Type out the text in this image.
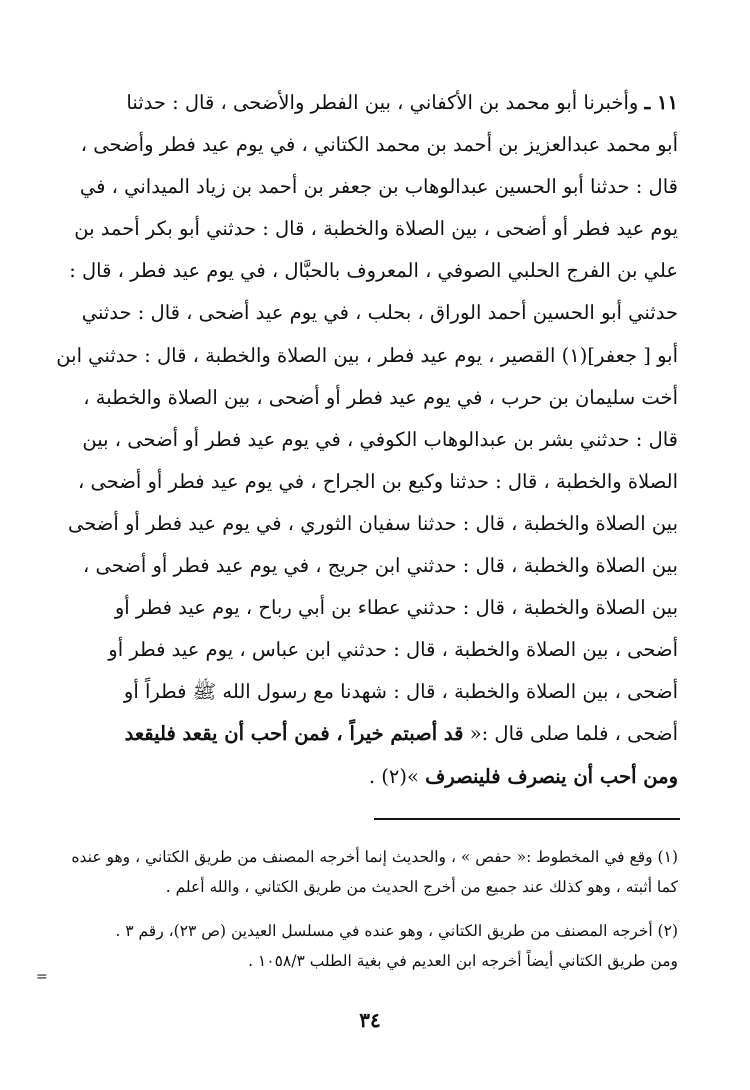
١١ ـ وأخبرنا أبو محمد بن الأكفاني ، بين الفطر والأضحى ، قال : حدثنا
أبو محمد عبدالعزيز بن أحمد بن محمد الكتاني ، في يوم عيد فطر وأضحى ،
قال : حدثنا أبو الحسين عبدالوهاب بن جعفر بن أحمد بن زياد الميداني ، في
يوم عيد فطر أو أضحى ، بين الصلاة والخطبة ، قال : حدثني أبو بكر أحمد بن
علي بن الفرج الحلبي الصوفي ، المعروف بالحبَّال ، في يوم عيد فطر ، قال :
حدثني أبو الحسين أحمد الوراق ، بحلب ، في يوم عيد أضحى ، قال : حدثني
أبو [ جعفر](١) القصير ، يوم عيد فطر ، بين الصلاة والخطبة ، قال : حدثني ابن
أخت سليمان بن حرب ، في يوم عيد فطر أو أضحى ، بين الصلاة والخطبة ،
قال : حدثني بشر بن عبدالوهاب الكوفي ، في يوم عيد فطر أو أضحى ، بين
الصلاة والخطبة ، قال : حدثنا وكيع بن الجراح ، في يوم عيد فطر أو أضحى ،
بين الصلاة والخطبة ، قال : حدثنا سفيان الثوري ، في يوم عيد فطر أو أضحى
بين الصلاة والخطبة ، قال : حدثني ابن جريج ، في يوم عيد فطر أو أضحى ،
بين الصلاة والخطبة ، قال : حدثني عطاء بن أبي رباح ، يوم عيد فطر أو
أضحى ، بين الصلاة والخطبة ، قال : حدثني ابن عباس ، يوم عيد فطر أو
أضحى ، بين الصلاة والخطبة ، قال : شهدنا مع رسول الله ﷺ فطراً أو
أضحى ، فلما صلى قال :« قد أصبتم خيراً ، فمن أحب أن يقعد فليقعد
ومن أحب أن ينصرف فلينصرف »(٢) .
(١) وقع في المخطوط :« حفص » ، والحديث إنما أخرجه المصنف من طريق الكتاني ، وهو عنده
كما أثبته ، وهو كذلك عند جميع من أخرج الحديث من طريق الكتاني ، والله أعلم .
(٢) أخرجه المصنف من طريق الكتاني ، وهو عنده في مسلسل العيدين (ص ٢٣)، رقم ٣ .
ومن طريق الكتاني أيضاً أخرجه ابن العديم في بغية الطلب ١٠٥٨/٣ .
=
٣٤
